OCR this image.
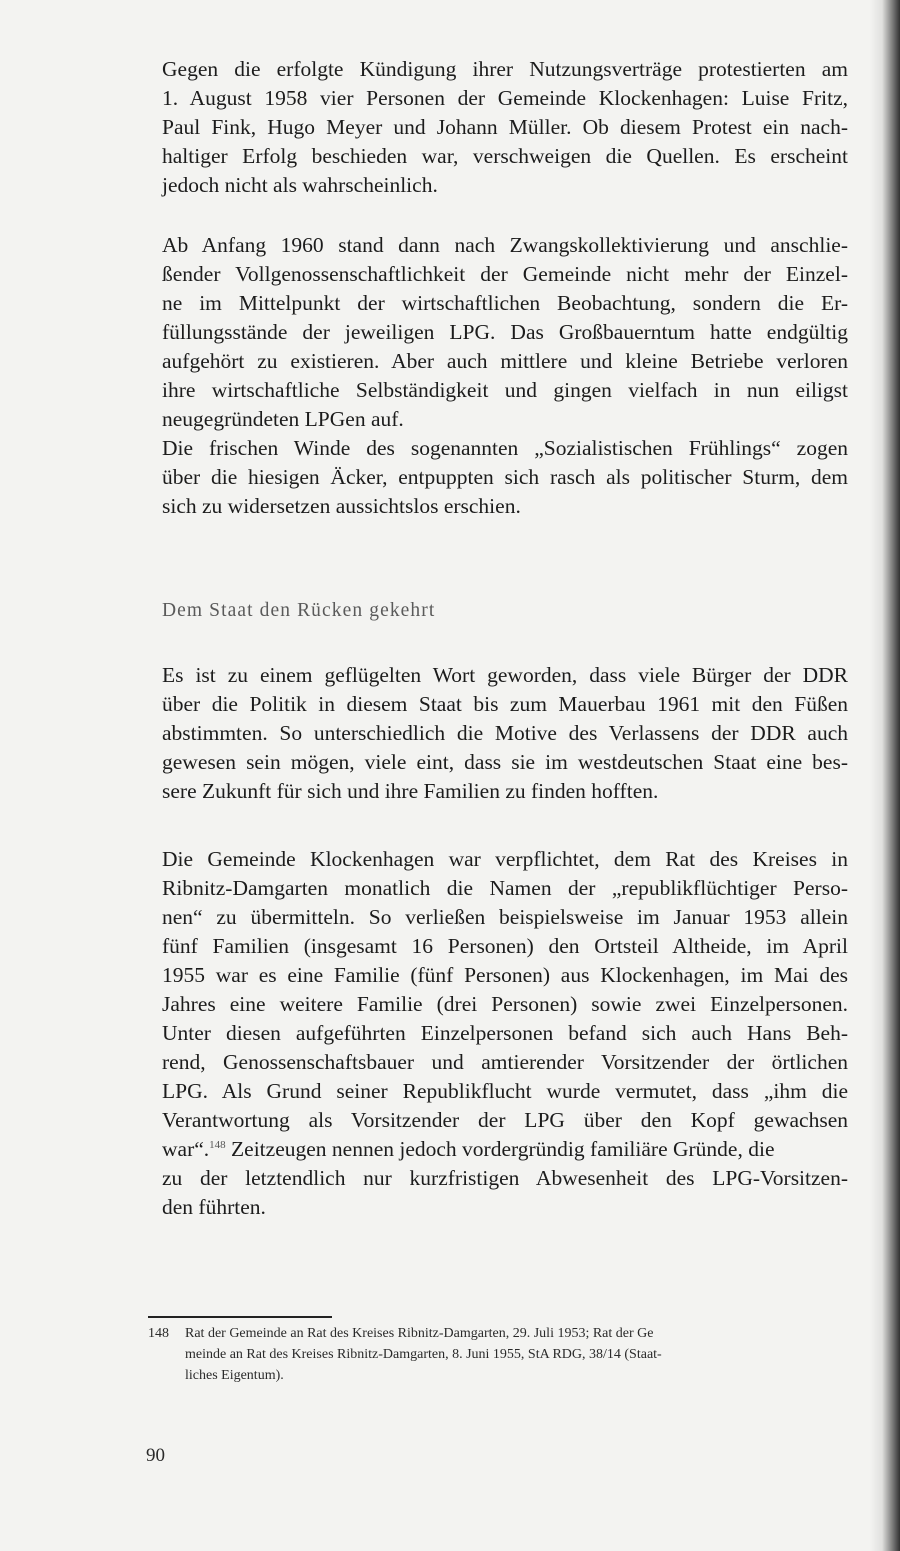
Gegen die erfolgte Kündigung ihrer Nutzungsverträge protestierten am
1. August 1958 vier Personen der Gemeinde Klockenhagen: Luise Fritz,
Paul Fink, Hugo Meyer und Johann Müller. Ob diesem Protest ein nach-
haltiger Erfolg beschieden war, verschweigen die Quellen. Es erscheint
jedoch nicht als wahrscheinlich.
Ab Anfang 1960 stand dann nach Zwangskollektivierung und anschlie-
ßender Vollgenossenschaftlichkeit der Gemeinde nicht mehr der Einzel-
ne im Mittelpunkt der wirtschaftlichen Beobachtung, sondern die Er-
füllungsstände der jeweiligen LPG. Das Großbauerntum hatte endgültig
aufgehört zu existieren. Aber auch mittlere und kleine Betriebe verloren
ihre wirtschaftliche Selbständigkeit und gingen vielfach in nun eiligst
neugegründeten LPGen auf.
Die frischen Winde des sogenannten „Sozialistischen Frühlings“ zogen
über die hiesigen Äcker, entpuppten sich rasch als politischer Sturm, dem
sich zu widersetzen aussichtslos erschien.
Dem Staat den Rücken gekehrt
Es ist zu einem geflügelten Wort geworden, dass viele Bürger der DDR
über die Politik in diesem Staat bis zum Mauerbau 1961 mit den Füßen
abstimmten. So unterschiedlich die Motive des Verlassens der DDR auch
gewesen sein mögen, viele eint, dass sie im westdeutschen Staat eine bes-
sere Zukunft für sich und ihre Familien zu finden hofften.
Die Gemeinde Klockenhagen war verpflichtet, dem Rat des Kreises in
Ribnitz-Damgarten monatlich die Namen der „republikflüchtiger Perso-
nen“ zu übermitteln. So verließen beispielsweise im Januar 1953 allein
fünf Familien (insgesamt 16 Personen) den Ortsteil Altheide, im April
1955 war es eine Familie (fünf Personen) aus Klockenhagen, im Mai des
Jahres eine weitere Familie (drei Personen) sowie zwei Einzelpersonen.
Unter diesen aufgeführten Einzelpersonen befand sich auch Hans Beh-
rend, Genossenschaftsbauer und amtierender Vorsitzender der örtlichen
LPG. Als Grund seiner Republikflucht wurde vermutet, dass „ihm die
Verantwortung als Vorsitzender der LPG über den Kopf gewachsen
war“.$^{148}$ Zeitzeugen nennen jedoch vordergründig familiäre Gründe, die
zu der letztendlich nur kurzfristigen Abwesenheit des LPG-Vorsitzen-
den führten.
148 Rat der Gemeinde an Rat des Kreises Ribnitz-Damgarten, 29. Juli 1953; Rat der Ge
meinde an Rat des Kreises Ribnitz-Damgarten, 8. Juni 1955, StA RDG, 38/14 (Staat-
liches Eigentum).
90
